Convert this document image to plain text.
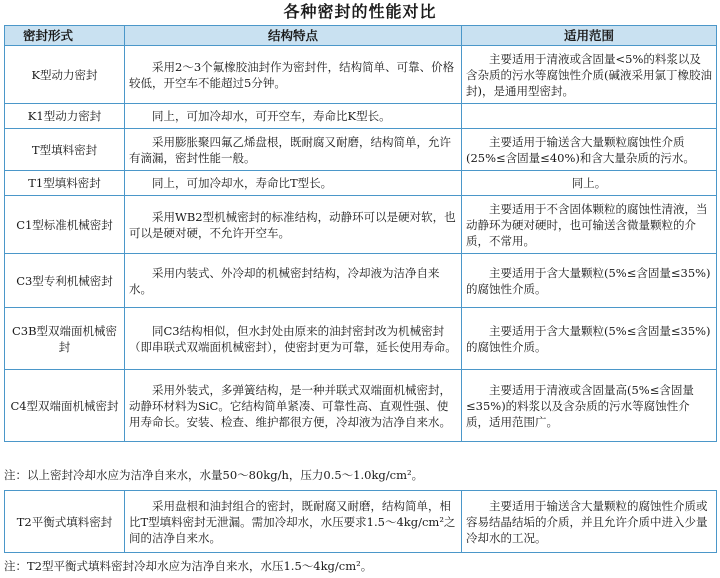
各种密封的性能对比
密封形式	结构特点	适用范围
K型动力密封	采用2～3个氟橡胶油封作为密封件，结构简单、可靠、价格较低，开空车不能超过5分钟。	主要适用于清液或含固量<5%的料浆以及含杂质的污水等腐蚀性介质(碱液采用氯丁橡胶油封)，是通用型密封。
K1型动力密封	同上，可加冷却水，可开空车，寿命比K型长。	
T型填料密封	采用膨胀聚四氟乙烯盘根，既耐腐又耐磨，结构简单，允许有滴漏，密封性能一般。	主要适用于输送含大量颗粒腐蚀性介质(25%≤含固量≤40%)和含大量杂质的污水。
T1型填料密封	同上，可加冷却水，寿命比T型长。	同上。
C1型标准机械密封	采用WB2型机械密封的标准结构，动静环可以是硬对软，也可以是硬对硬，不允许开空车。	主要适用于不含固体颗粒的腐蚀性清液，当动静环为硬对硬时，也可输送含微量颗粒的介质，不常用。
C3型专利机械密封	采用内装式、外冷却的机械密封结构，冷却液为洁净自来水。	主要适用于含大量颗粒(5%≤含固量≤35%)的腐蚀性介质。
C3B型双端面机械密封	同C3结构相似，但水封处由原来的油封密封改为机械密封（即串联式双端面机械密封），使密封更为可靠，延长使用寿命。	主要适用于含大量颗粒(5%≤含固量≤35%)的腐蚀性介质。
C4型双端面机械密封	采用外装式，多弹簧结构，是一种并联式双端面机械密封，动静环材料为SiC。它结构简单紧凑、可靠性高、直观性强、使用寿命长。安装、检查、维护都很方便，冷却液为洁净自来水。	主要适用于清液或含固量高(5%≤含固量≤35%)的料浆以及含杂质的污水等腐蚀性介质，适用范围广。
注：以上密封冷却水应为洁净自来水，水量50～80kg/h，压力0.5～1.0kg/cm²。
T2平衡式填料密封	采用盘根和油封组合的密封，既耐腐又耐磨，结构简单，相比T型填料密封无泄漏。需加冷却水，水压要求1.5～4kg/cm²之间的洁净自来水。	主要适用于输送含大量颗粒的腐蚀性介质或容易结晶结垢的介质，并且允许介质中进入少量冷却水的工况。
注：T2型平衡式填料密封冷却水应为洁净自来水，水压1.5～4kg/cm²。
